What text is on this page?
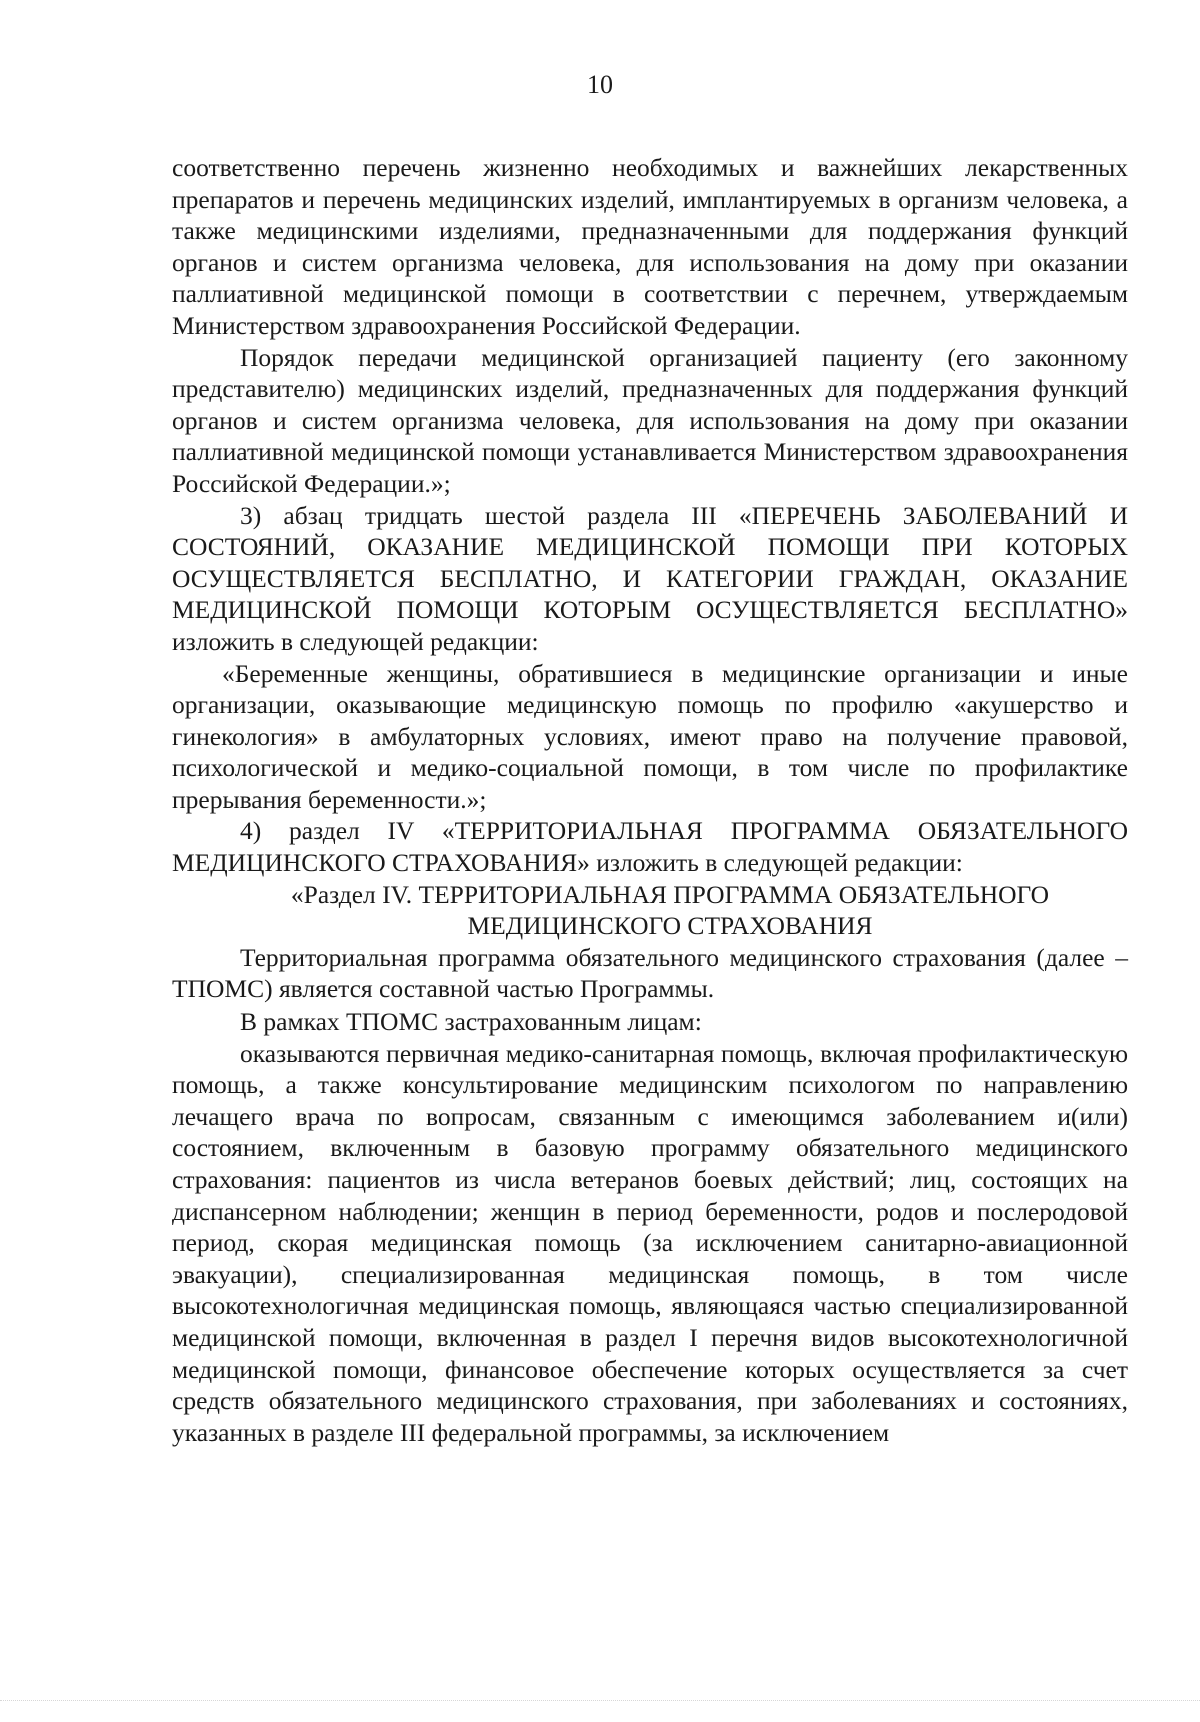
10

соответственно перечень жизненно необходимых и важнейших лекарственных препаратов и перечень медицинских изделий, имплантируемых в организм человека, а также медицинскими изделиями, предназначенными для поддержания функций органов и систем организма человека, для использования на дому при оказании паллиативной медицинской помощи в соответствии с перечнем, утверждаемым Министерством здравоохранения Российской Федерации.

Порядок передачи медицинской организацией пациенту (его законному представителю) медицинских изделий, предназначенных для поддержания функций органов и систем организма человека, для использования на дому при оказании паллиативной медицинской помощи устанавливается Министерством здравоохранения Российской Федерации.»;

3) абзац тридцать шестой раздела III «ПЕРЕЧЕНЬ ЗАБОЛЕВАНИЙ И СОСТОЯНИЙ, ОКАЗАНИЕ МЕДИЦИНСКОЙ ПОМОЩИ ПРИ КОТОРЫХ ОСУЩЕСТВЛЯЕТСЯ БЕСПЛАТНО, И КАТЕГОРИИ ГРАЖДАН, ОКАЗАНИЕ МЕДИЦИНСКОЙ ПОМОЩИ КОТОРЫМ ОСУЩЕСТВЛЯЕТСЯ БЕСПЛАТНО» изложить в следующей редакции:

«Беременные женщины, обратившиеся в медицинские организации и иные организации, оказывающие медицинскую помощь по профилю «акушерство и гинекология» в амбулаторных условиях, имеют право на получение правовой, психологической и медико-социальной помощи, в том числе по профилактике прерывания беременности.»;

4) раздел IV «ТЕРРИТОРИАЛЬНАЯ ПРОГРАММА ОБЯЗАТЕЛЬНОГО МЕДИЦИНСКОГО СТРАХОВАНИЯ» изложить в следующей редакции:

«Раздел IV. ТЕРРИТОРИАЛЬНАЯ ПРОГРАММА ОБЯЗАТЕЛЬНОГО

МЕДИЦИНСКОГО СТРАХОВАНИЯ

Территориальная программа обязательного медицинского страхования (далее – ТПОМС) является составной частью Программы.

В рамках ТПОМС застрахованным лицам:

оказываются первичная медико-санитарная помощь, включая профилактическую помощь, а также консультирование медицинским психологом по направлению лечащего врача по вопросам, связанным с имеющимся заболеванием и(или) состоянием, включенным в базовую программу обязательного медицинского страхования: пациентов из числа ветеранов боевых действий; лиц, состоящих на диспансерном наблюдении; женщин в период беременности, родов и послеродовой период, скорая медицинская помощь (за исключением санитарно-авиационной эвакуации), специализированная медицинская помощь, в том числе высокотехнологичная медицинская помощь, являющаяся частью специализированной медицинской помощи, включенная в раздел I перечня видов высокотехнологичной медицинской помощи, финансовое обеспечение которых осуществляется за счет средств обязательного медицинского страхования, при заболеваниях и состояниях, указанных в разделе III федеральной программы, за исключением
